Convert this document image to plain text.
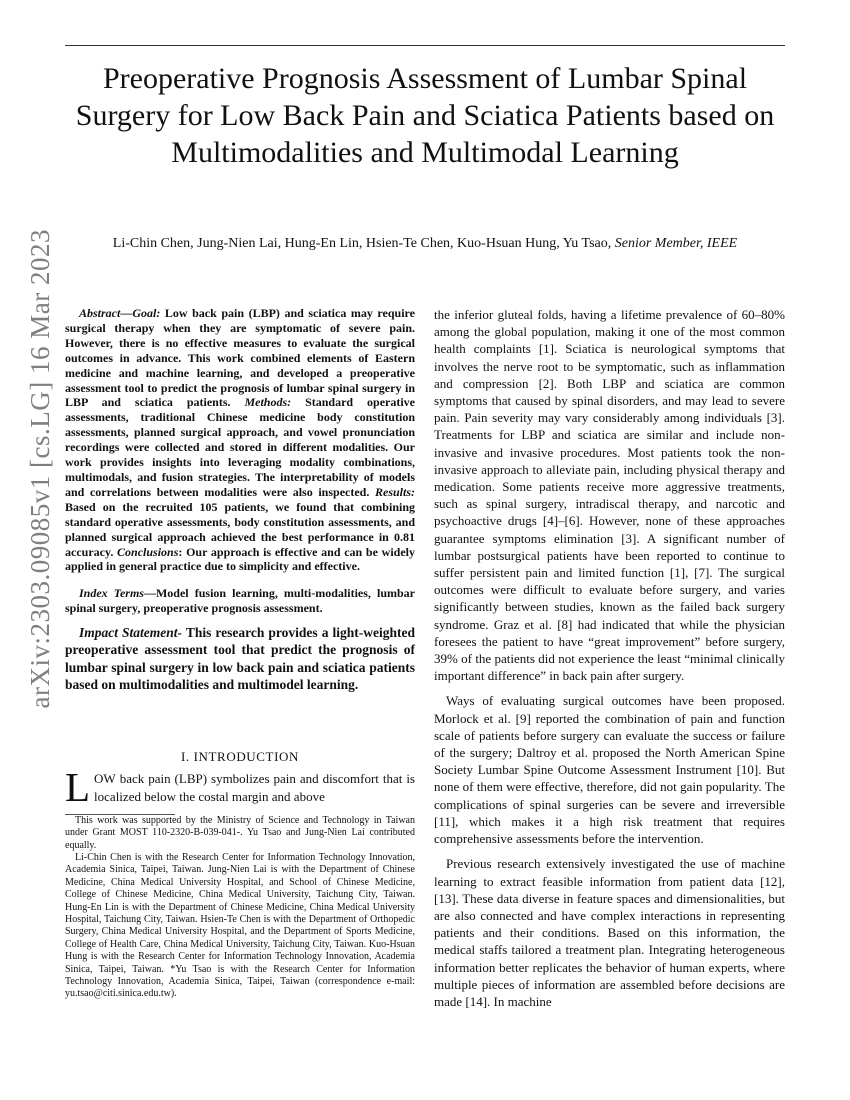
Preoperative Prognosis Assessment of Lumbar Spinal Surgery for Low Back Pain and Sciatica Patients based on Multimodalities and Multimodal Learning
Li-Chin Chen, Jung-Nien Lai, Hung-En Lin, Hsien-Te Chen, Kuo-Hsuan Hung, Yu Tsao, Senior Member, IEEE
arXiv:2303.09085v1 [cs.LG] 16 Mar 2023	Abstract—Goal: Low back pain (LBP) and sciatica may require surgical therapy when they are symptomatic of severe pain. However, there is no effective measures to evaluate the surgical outcomes in advance. This work combined elements of Eastern medicine and machine learning, and developed a preoperative assessment tool to predict the prognosis of lumbar spinal surgery in LBP and sciatica patients. Methods: Standard operative assessments, traditional Chinese medicine body constitution assessments, planned surgical approach, and vowel pronunciation recordings were collected and stored in different modalities. Our work provides insights into leveraging modality combinations, multimodals, and fusion strategies. The interpretability of models and correlations between modalities were also inspected. Results: Based on the recruited 105 patients, we found that combining standard operative assessments, body constitution assessments, and planned surgical approach achieved the best performance in 0.81 accuracy. Conclusions: Our approach is effective and can be widely applied in general practice due to simplicity and effective.

Index Terms—Model fusion learning, multi-modalities, lumbar spinal surgery, preoperative prognosis assessment.

Impact Statement- This research provides a light-weighted preoperative assessment tool that predict the prognosis of lumbar spinal surgery in low back pain and sciatica patients based on multimodalities and multimodel learning.

I. INTRODUCTION

LOW back pain (LBP) symbolizes pain and discomfort that is localized below the costal margin and above

This work was supported by the Ministry of Science and Technology in Taiwan under Grant MOST 110-2320-B-039-041-. Yu Tsao and Jung-Nien Lai contributed equally.

Li-Chin Chen is with the Research Center for Information Technology Innovation, Academia Sinica, Taipei, Taiwan. Jung-Nien Lai is with the Department of Chinese Medicine, China Medical University Hospital, and School of Chinese Medicine, College of Chinese Medicine, China Medical University, Taichung City, Taiwan. Hung-En Lin is with the Department of Chinese Medicine, China Medical University Hospital, Taichung City, Taiwan. Hsien-Te Chen is with the Department of Orthopedic Surgery, China Medical University Hospital, and the Department of Sports Medicine, College of Health Care, China Medical University, Taichung City, Taiwan. Kuo-Hsuan Hung is with the Research Center for Information Technology Innovation, Academia Sinica, Taipei, Taiwan. *Yu Tsao is with the Research Center for Information Technology Innovation, Academia Sinica, Taipei, Taiwan (correspondence e-mail: yu.tsao@citi.sinica.edu.tw).

the inferior gluteal folds, having a lifetime prevalence of 60–80% among the global population, making it one of the most common health complaints [1]. Sciatica is neurological symptoms that involves the nerve root to be symptomatic, such as inflammation and compression [2]. Both LBP and sciatica are common symptoms that caused by spinal disorders, and may lead to severe pain. Pain severity may vary considerably among individuals [3]. Treatments for LBP and sciatica are similar and include non-invasive and invasive procedures. Most patients took the non-invasive approach to alleviate pain, including physical therapy and medication. Some patients receive more aggressive treatments, such as spinal surgery, intradiscal therapy, and narcotic and psychoactive drugs [4]–[6]. However, none of these approaches guarantee symptoms elimination [3]. A significant number of lumbar postsurgical patients have been reported to continue to suffer persistent pain and limited function [1], [7]. The surgical outcomes were difficult to evaluate before surgery, and varies significantly between studies, known as the failed back surgery syndrome. Graz et al. [8] had indicated that while the physician foresees the patient to have “great improvement” before surgery, 39% of the patients did not experience the least “minimal clinically important difference” in back pain after surgery.

Ways of evaluating surgical outcomes have been proposed. Morlock et al. [9] reported the combination of pain and function scale of patients before surgery can evaluate the success or failure of the surgery; Daltroy et al. proposed the North American Spine Society Lumbar Spine Outcome Assessment Instrument [10]. But none of them were effective, therefore, did not gain popularity. The complications of spinal surgeries can be severe and irreversible [11], which makes it a high risk treatment that requires comprehensive assessments before the intervention.

Previous research extensively investigated the use of machine learning to extract feasible information from patient data [12], [13]. These data diverse in feature spaces and dimensionalities, but are also connected and have complex interactions in representing patients and their conditions. Based on this information, the medical staffs tailored a treatment plan. Integrating heterogeneous information better replicates the behavior of human experts, where multiple pieces of information are assembled before decisions are made [14]. In machine
